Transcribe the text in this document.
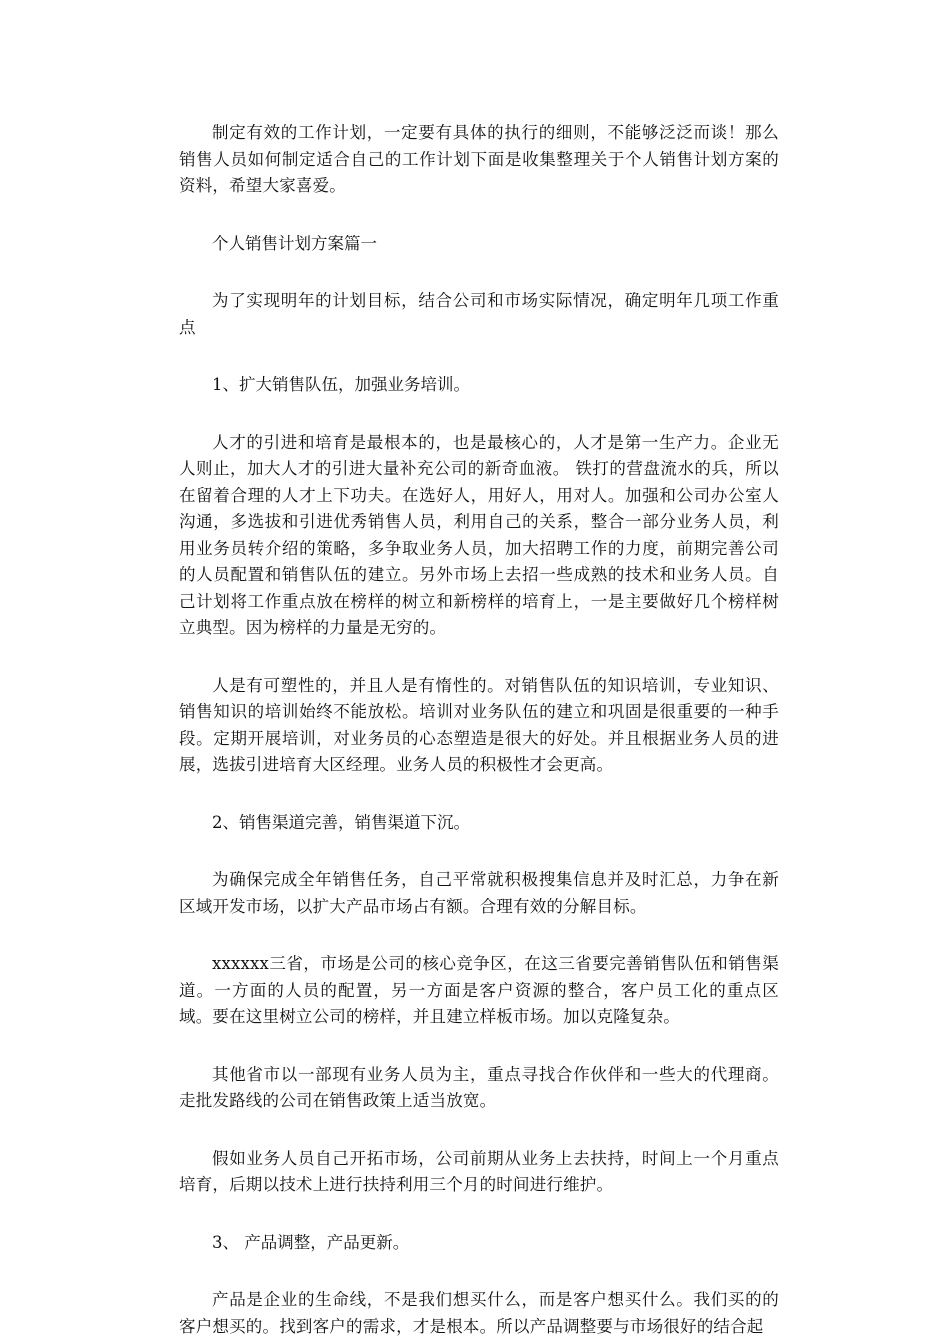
制定有效的工作计划，一定要有具体的执行的细则，不能够泛泛而谈！那么销售人员如何制定适合自己的工作计划下面是收集整理关于个人销售计划方案的资料，希望大家喜爱。

个人销售计划方案篇一

为了实现明年的计划目标，结合公司和市场实际情况，确定明年几项工作重点

1、扩大销售队伍，加强业务培训。

人才的引进和培育是最根本的，也是最核心的，人才是第一生产力。企业无人则止，加大人才的引进大量补充公司的新奇血液。 铁打的营盘流水的兵，所以在留着合理的人才上下功夫。在选好人，用好人，用对人。加强和公司办公室人沟通，多选拔和引进优秀销售人员，利用自己的关系，整合一部分业务人员，利用业务员转介绍的策略，多争取业务人员，加大招聘工作的力度，前期完善公司的人员配置和销售队伍的建立。另外市场上去招一些成熟的技术和业务人员。自己计划将工作重点放在榜样的树立和新榜样的培育上，一是主要做好几个榜样树立典型。因为榜样的力量是无穷的。

人是有可塑性的，并且人是有惰性的。对销售队伍的知识培训，专业知识、销售知识的培训始终不能放松。培训对业务队伍的建立和巩固是很重要的一种手段。定期开展培训，对业务员的心态塑造是很大的好处。并且根据业务人员的进展，选拔引进培育大区经理。业务人员的积极性才会更高。

2、销售渠道完善，销售渠道下沉。

为确保完成全年销售任务，自己平常就积极搜集信息并及时汇总，力争在新区域开发市场，以扩大产品市场占有额。合理有效的分解目标。

xxxxxx三省，市场是公司的核心竞争区，在这三省要完善销售队伍和销售渠道。一方面的人员的配置，另一方面是客户资源的整合，客户员工化的重点区域。要在这里树立公司的榜样，并且建立样板市场。加以克隆复杂。

其他省市以一部现有业务人员为主，重点寻找合作伙伴和一些大的代理商。走批发路线的公司在销售政策上适当放宽。

假如业务人员自己开拓市场，公司前期从业务上去扶持，时间上一个月重点培育，后期以技术上进行扶持利用三个月的时间进行维护。

3、 产品调整，产品更新。

产品是企业的生命线，不是我们想买什么，而是客户想买什么。我们买的的客户想买的。找到客户的需求，才是根本。所以产品调整要与市场很好的结合起
